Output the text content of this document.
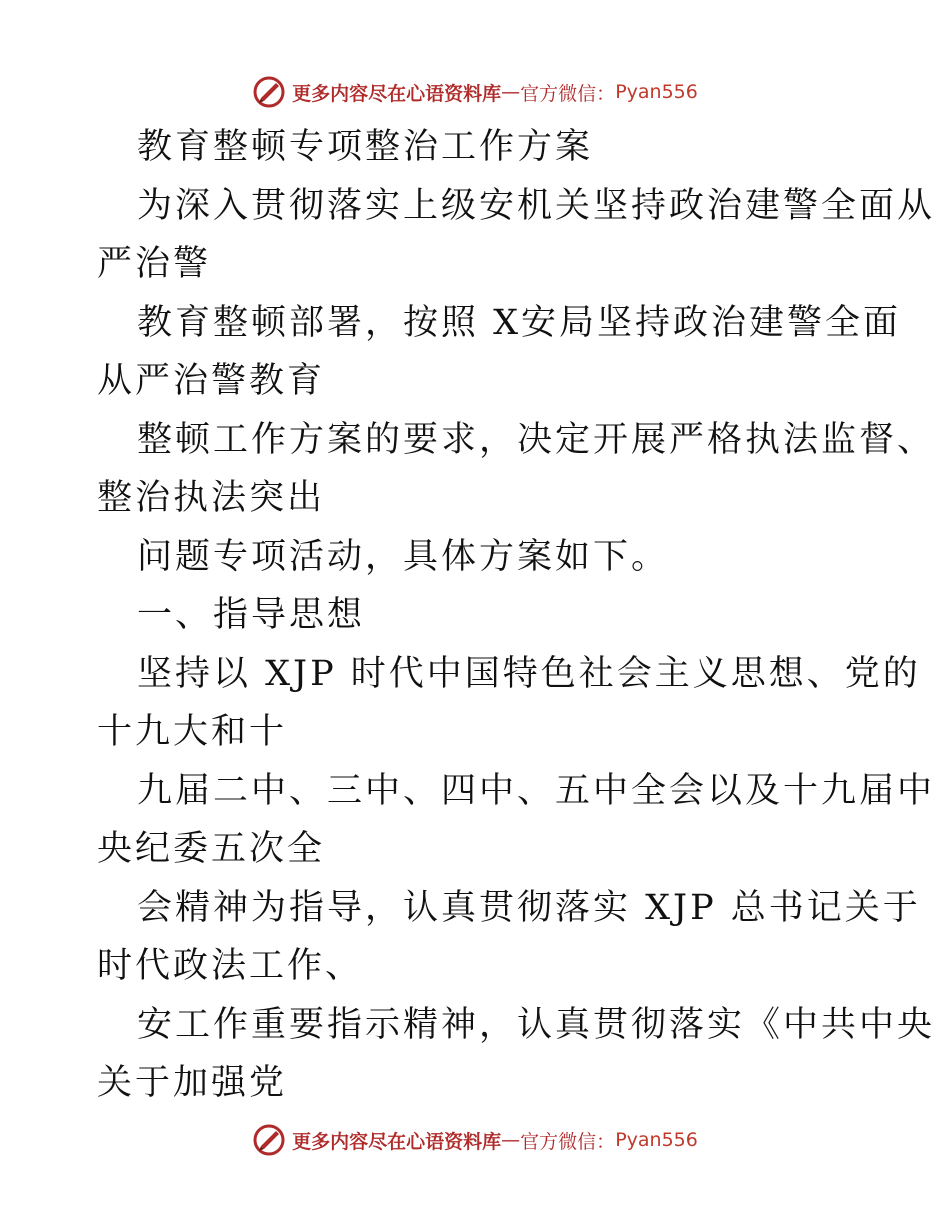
更多内容尽在心语资料库 — 官方微信： Pyan556

教育整顿专项整治工作方案

为深入贯彻落实上级安机关坚持政治建警全面从

严治警

教育整顿部署，按照 X安局坚持政治建警全面

从严治警教育

整顿工作方案的要求，决定开展严格执法监督、

整治执法突出

问题专项活动，具体方案如下。

一、指导思想

坚持以 XJP 时代中国特色社会主义思想、党的

十九大和十

九届二中、三中、四中、五中全会以及十九届中

央纪委五次全

会精神为指导，认真贯彻落实 XJP 总书记关于

时代政法工作、

安工作重要指示精神，认真贯彻落实《中共中央

关于加强党

更多内容尽在心语资料库 — 官方微信： Pyan556
